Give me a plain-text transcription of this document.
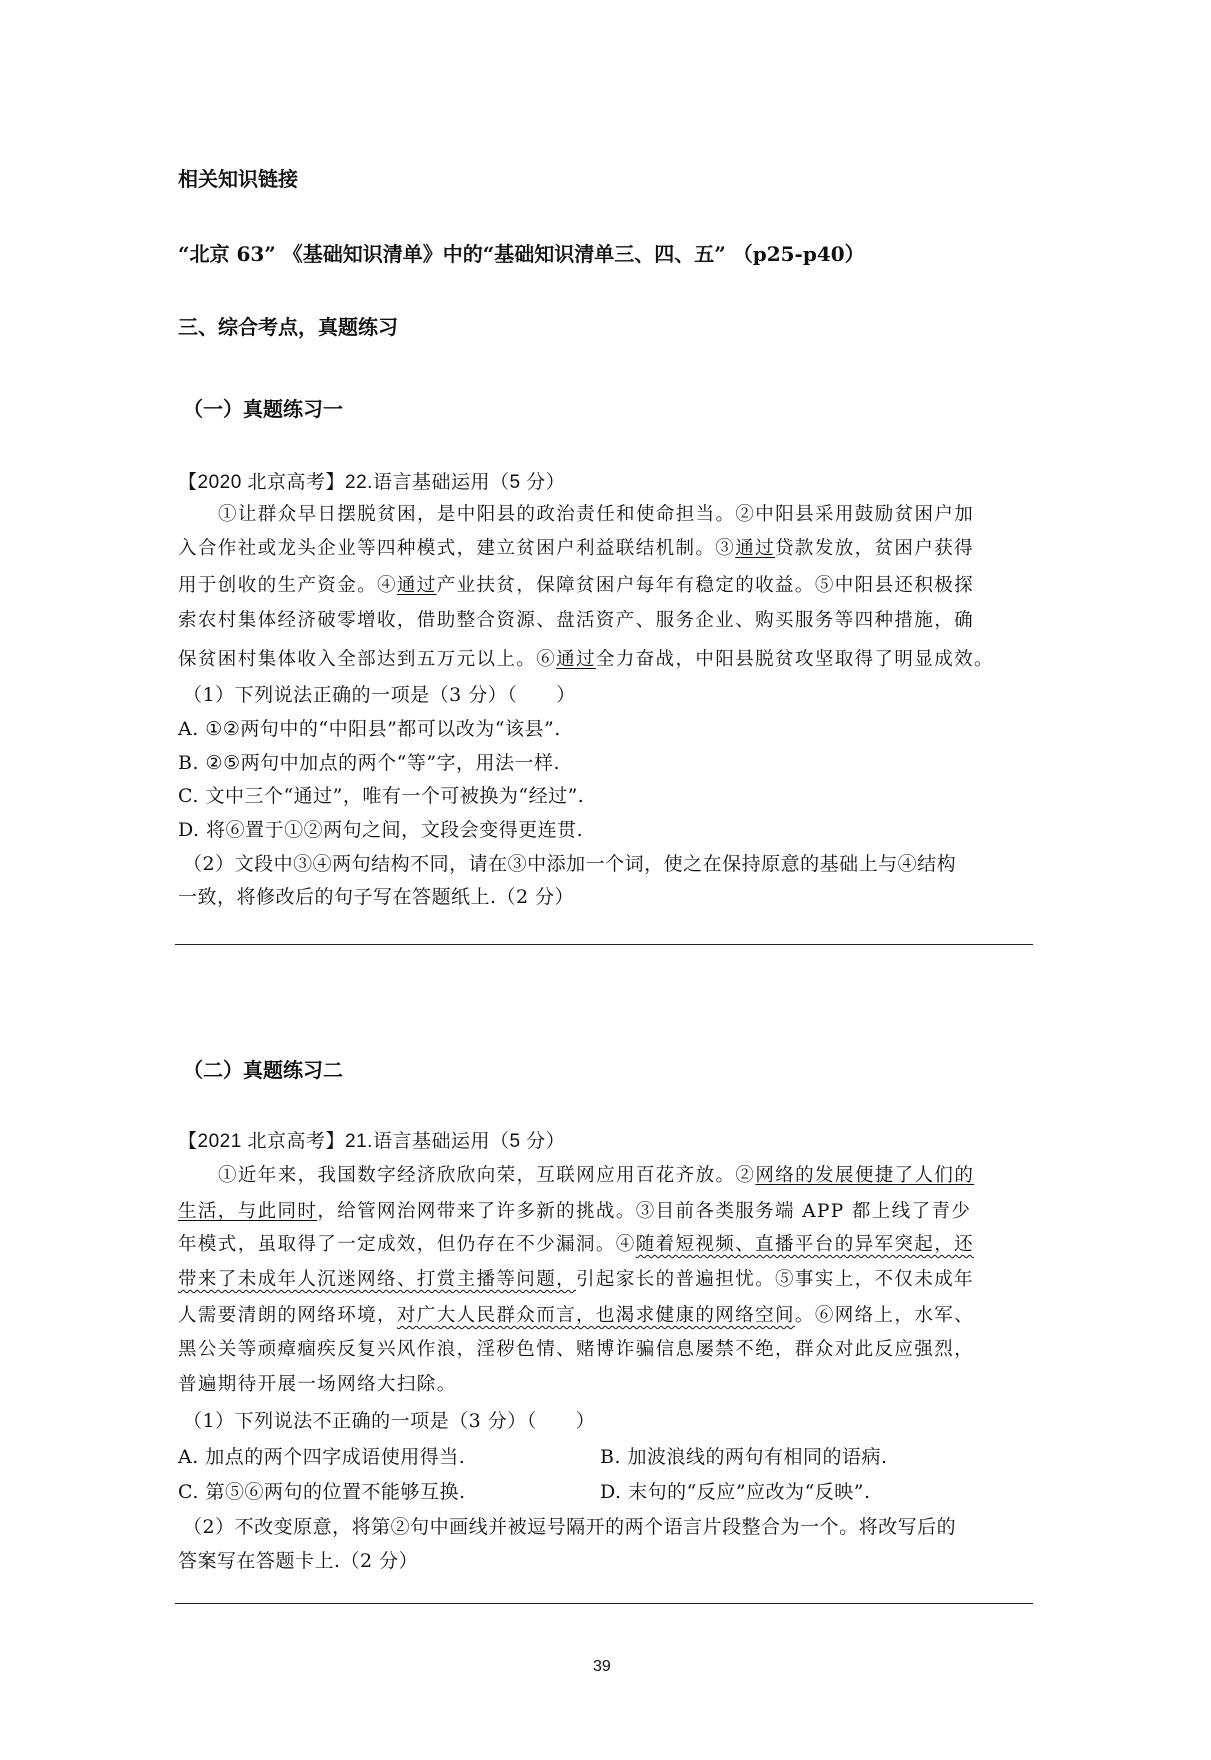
相关知识链接
“北京 63” 《基础知识清单》中的“基础知识清单三、四、五” （p25-p40）
三、综合考点，真题练习
（一）真题练习一
【2020 北京高考】22.语言基础运用（5 分）
①让群众早日摆脱贫困，是中阳县的政治责任和使命担当。②中阳县采用鼓励贫困户加
入合作社或龙头企业等四种模式，建立贫困户利益联结机制。③通过贷款发放，贫困户获得
用于创收的生产资金。④通过产业扶贫，保障贫困户每年有稳定的收益。⑤中阳县还积极探
索农村集体经济破零增收，借助整合资源、盘活资产、服务企业、购买服务等四种措施，确
保贫困村集体收入全部达到五万元以上。⑥通过全力奋战，中阳县脱贫攻坚取得了明显成效。
（1）下列说法正确的一项是（3 分）（　　）
A. ①②两句中的“中阳县”都可以改为“该县”.
B. ②⑤两句中加点的两个“等”字，用法一样.
C. 文中三个“通过”，唯有一个可被换为“经过”.
D. 将⑥置于①②两句之间，文段会变得更连贯.
（2）文段中③④两句结构不同，请在③中添加一个词，使之在保持原意的基础上与④结构
一致，将修改后的句子写在答题纸上.（2 分）
（二）真题练习二
【2021 北京高考】21.语言基础运用（5 分）
①近年来，我国数字经济欣欣向荣，互联网应用百花齐放。②网络的发展便捷了人们的
生活，与此同时，给管网治网带来了许多新的挑战。③目前各类服务端 APP 都上线了青少
年模式，虽取得了一定成效，但仍存在不少漏洞。④随着短视频、直播平台的异军突起，还
带来了未成年人沉迷网络、打赏主播等问题，引起家长的普遍担忧。⑤事实上，不仅未成年
人需要清朗的网络环境，对广大人民群众而言，也渴求健康的网络空间。⑥网络上，水军、
黑公关等顽瘴痼疾反复兴风作浪，淫秽色情、赌博诈骗信息屡禁不绝，群众对此反应强烈，
普遍期待开展一场网络大扫除。
（1）下列说法不正确的一项是（3 分）（　　）
A. 加点的两个四字成语使用得当.	B. 加波浪线的两句有相同的语病.
C. 第⑤⑥两句的位置不能够互换.	D. 末句的“反应”应改为“反映”.
（2）不改变原意，将第②句中画线并被逗号隔开的两个语言片段整合为一个。将改写后的
答案写在答题卡上.（2 分）
39
